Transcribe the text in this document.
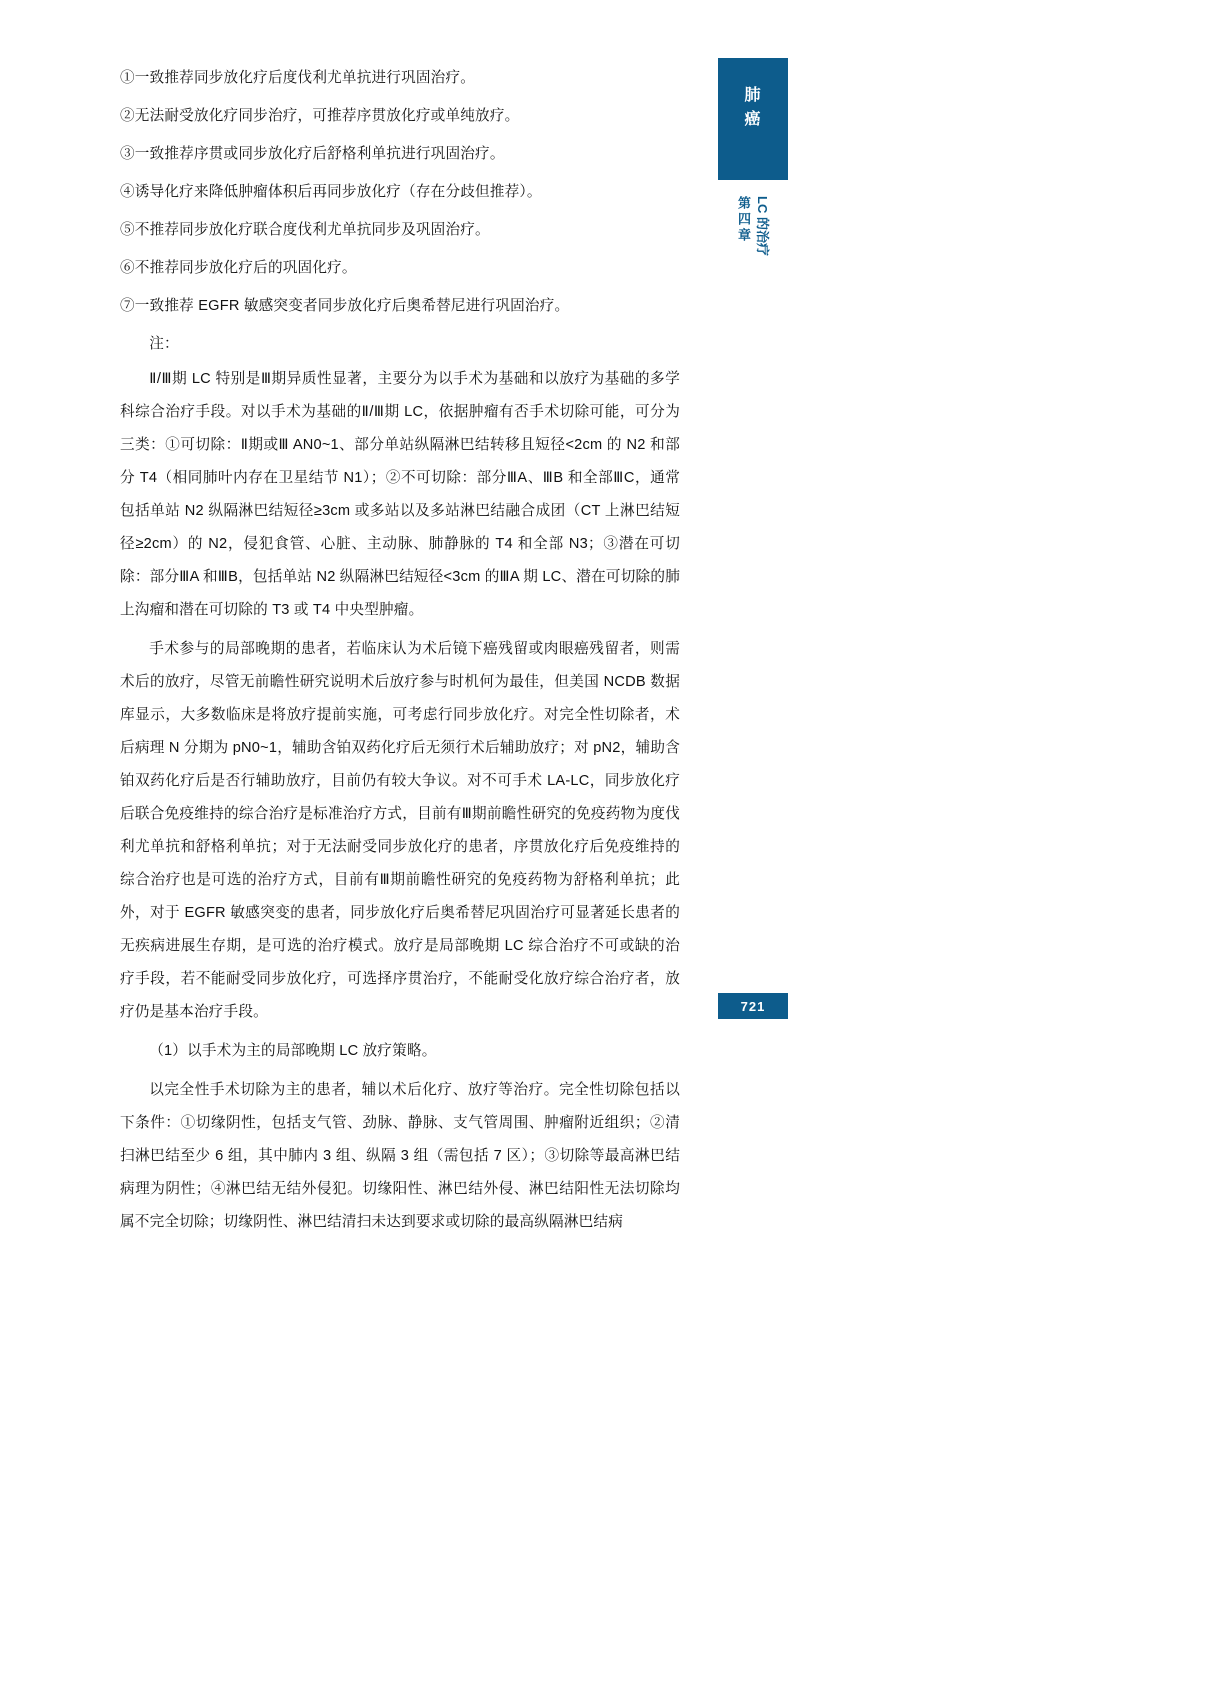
肺
癌
第四章 LC 的治疗
721

①一致推荐同步放化疗后度伐利尤单抗进行巩固治疗。

②无法耐受放化疗同步治疗，可推荐序贯放化疗或单纯放疗。

③一致推荐序贯或同步放化疗后舒格利单抗进行巩固治疗。

④诱导化疗来降低肿瘤体积后再同步放化疗（存在分歧但推荐）。

⑤不推荐同步放化疗联合度伐利尤单抗同步及巩固治疗。

⑥不推荐同步放化疗后的巩固化疗。

⑦一致推荐 EGFR 敏感突变者同步放化疗后奥希替尼进行巩固治疗。

注：

Ⅱ/Ⅲ期 LC 特别是Ⅲ期异质性显著，主要分为以手术为基础和以放疗为基础的多学科综合治疗手段。对以手术为基础的Ⅱ/Ⅲ期 LC，依据肿瘤有否手术切除可能，可分为三类：①可切除：Ⅱ期或Ⅲ AN0~1、部分单站纵隔淋巴结转移且短径<2cm 的 N2 和部分 T4（相同肺叶内存在卫星结节 N1）；②不可切除：部分ⅢA、ⅢB 和全部ⅢC，通常包括单站 N2 纵隔淋巴结短径≥3cm 或多站以及多站淋巴结融合成团（CT 上淋巴结短径≥2cm）的 N2，侵犯食管、心脏、主动脉、肺静脉的 T4 和全部 N3；③潜在可切除：部分ⅢA 和ⅢB，包括单站 N2 纵隔淋巴结短径<3cm 的ⅢA 期 LC、潜在可切除的肺上沟瘤和潜在可切除的 T3 或 T4 中央型肿瘤。

手术参与的局部晚期的患者，若临床认为术后镜下癌残留或肉眼癌残留者，则需术后的放疗，尽管无前瞻性研究说明术后放疗参与时机何为最佳，但美国 NCDB 数据库显示，大多数临床是将放疗提前实施，可考虑行同步放化疗。对完全性切除者，术后病理 N 分期为 pN0~1，辅助含铂双药化疗后无须行术后辅助放疗；对 pN2，辅助含铂双药化疗后是否行辅助放疗，目前仍有较大争议。对不可手术 LA-LC，同步放化疗后联合免疫维持的综合治疗是标准治疗方式，目前有Ⅲ期前瞻性研究的免疫药物为度伐利尤单抗和舒格利单抗；对于无法耐受同步放化疗的患者，序贯放化疗后免疫维持的综合治疗也是可选的治疗方式，目前有Ⅲ期前瞻性研究的免疫药物为舒格利单抗；此外，对于 EGFR 敏感突变的患者，同步放化疗后奥希替尼巩固治疗可显著延长患者的无疾病进展生存期，是可选的治疗模式。放疗是局部晚期 LC 综合治疗不可或缺的治疗手段，若不能耐受同步放化疗，可选择序贯治疗，不能耐受化放疗综合治疗者，放疗仍是基本治疗手段。

（1）以手术为主的局部晚期 LC 放疗策略。

以完全性手术切除为主的患者，辅以术后化疗、放疗等治疗。完全性切除包括以下条件：①切缘阴性，包括支气管、劲脉、静脉、支气管周围、肿瘤附近组织；②清扫淋巴结至少 6 组，其中肺内 3 组、纵隔 3 组（需包括 7 区）；③切除等最高淋巴结病理为阴性；④淋巴结无结外侵犯。切缘阳性、淋巴结外侵、淋巴结阳性无法切除均属不完全切除；切缘阴性、淋巴结清扫未达到要求或切除的最高纵隔淋巴结病
